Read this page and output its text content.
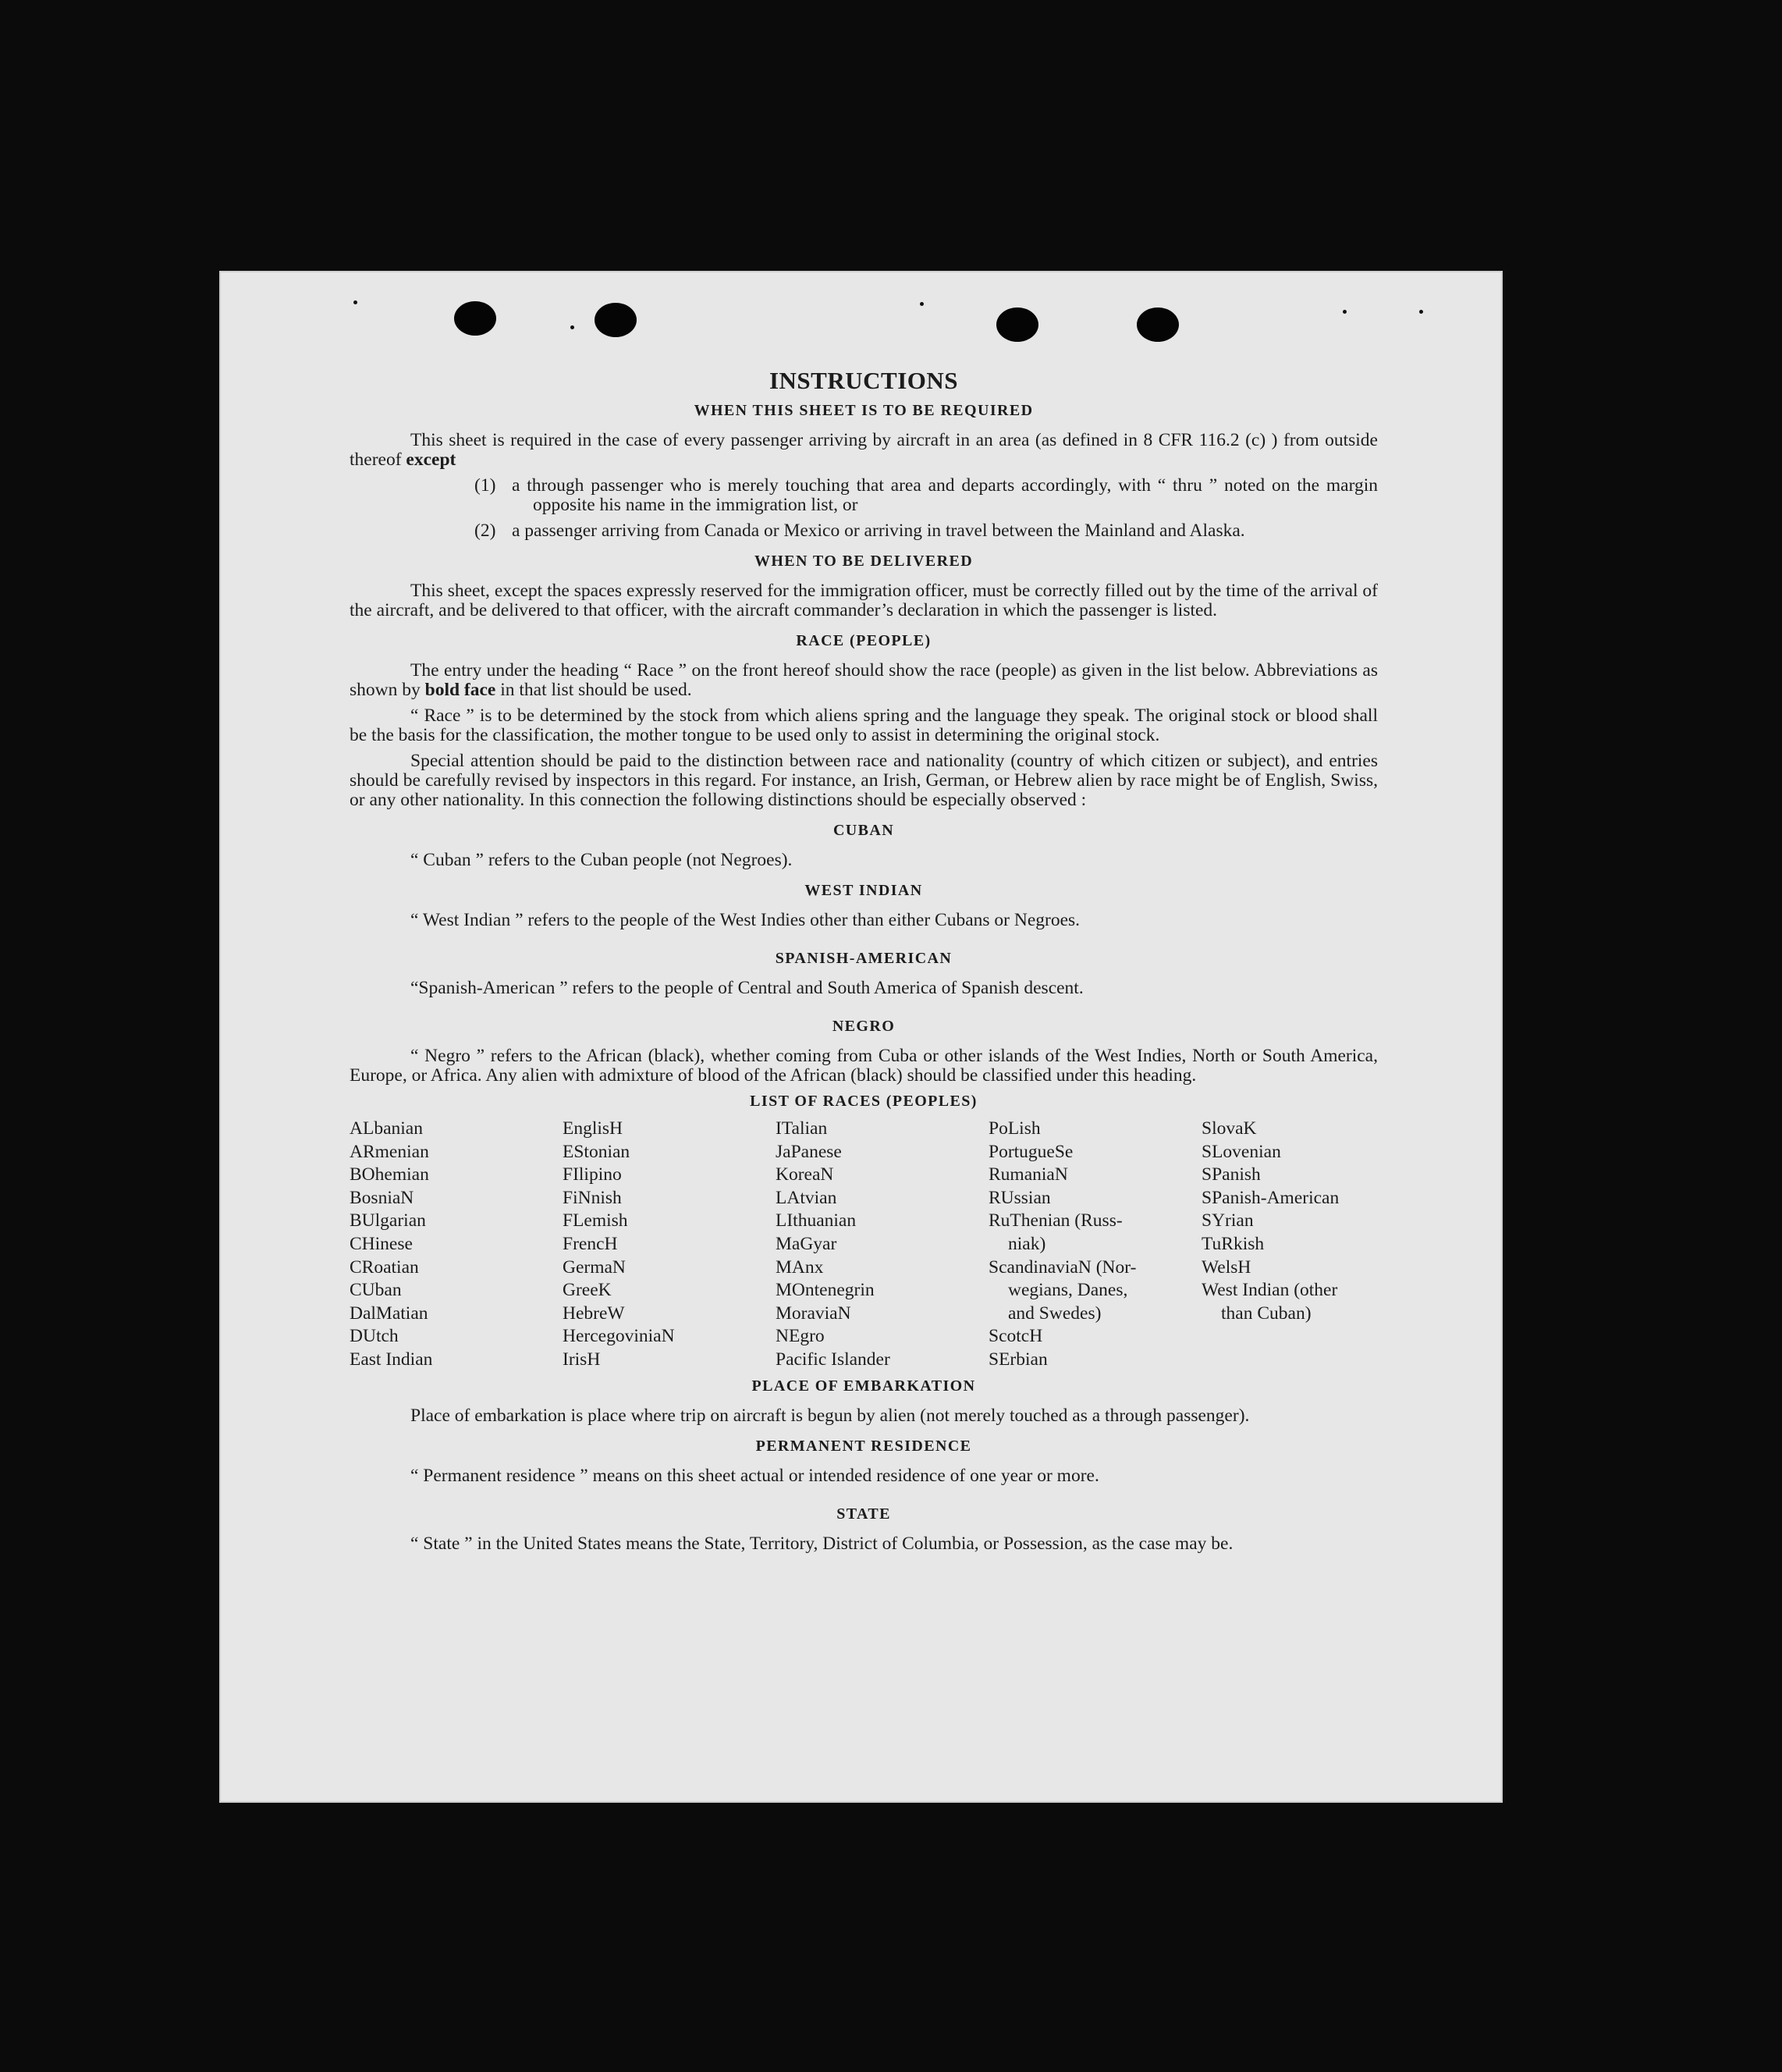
INSTRUCTIONS
WHEN THIS SHEET IS TO BE REQUIRED

This sheet is required in the case of every passenger arriving by aircraft in an area (as defined in 8 CFR 116.2 (c) ) from outside thereof except

(1) a through passenger who is merely touching that area and departs accordingly, with “ thru ” noted on the margin opposite his name in the immigration list, or

(2) a passenger arriving from Canada or Mexico or arriving in travel between the Mainland and Alaska.

WHEN TO BE DELIVERED

This sheet, except the spaces expressly reserved for the immigration officer, must be correctly filled out by the time of the arrival of the aircraft, and be delivered to that officer, with the aircraft commander’s declaration in which the passenger is listed.

RACE (PEOPLE)

The entry under the heading “ Race ” on the front hereof should show the race (people) as given in the list below. Abbreviations as shown by bold face in that list should be used.

“ Race ” is to be determined by the stock from which aliens spring and the language they speak. The original stock or blood shall be the basis for the classification, the mother tongue to be used only to assist in determining the original stock.

Special attention should be paid to the distinction between race and nationality (country of which citizen or subject), and entries should be carefully revised by inspectors in this regard. For instance, an Irish, German, or Hebrew alien by race might be of English, Swiss, or any other nationality. In this connection the following distinctions should be especially observed :

CUBAN

“ Cuban ” refers to the Cuban people (not Negroes).

WEST INDIAN

“ West Indian ” refers to the people of the West Indies other than either Cubans or Negroes.

SPANISH-AMERICAN

“Spanish-American ” refers to the people of Central and South America of Spanish descent.

NEGRO

“ Negro ” refers to the African (black), whether coming from Cuba or other islands of the West Indies, North or South America, Europe, or Africa. Any alien with admixture of blood of the African (black) should be classified under this heading.

LIST OF RACES (PEOPLES)
ALbanian
ARmenian
BOhemian
BosniaN
BUlgarian
CHinese
CRoatian
CUban
DalMatian
DUtch
East Indian
EnglisH
EStonian
FIlipino
FiNnish
FLemish
FrencH
GermaN
GreeK
HebreW
HercegoviniaN
IrisH
ITalian
JaPanese
KoreaN
LAtvian
LIthuanian
MaGyar
MAnx
MOntenegrin
MoraviaN
NEgro
Pacific Islander
PoLish
PortugueSe
RumaniaN
RUssian
RuThenian (Russ-
niak)
ScandinaviaN (Nor-
wegians, Danes,
and Swedes)
ScotcH
SErbian
SlovaK
SLovenian
SPanish
SPanish-American
SYrian
TuRkish
WelsH
West Indian (other
than Cuban)
PLACE OF EMBARKATION

Place of embarkation is place where trip on aircraft is begun by alien (not merely touched as a through passenger).

PERMANENT RESIDENCE

“ Permanent residence ” means on this sheet actual or intended residence of one year or more.

STATE

“ State ” in the United States means the State, Territory, District of Columbia, or Possession, as the case may be.
